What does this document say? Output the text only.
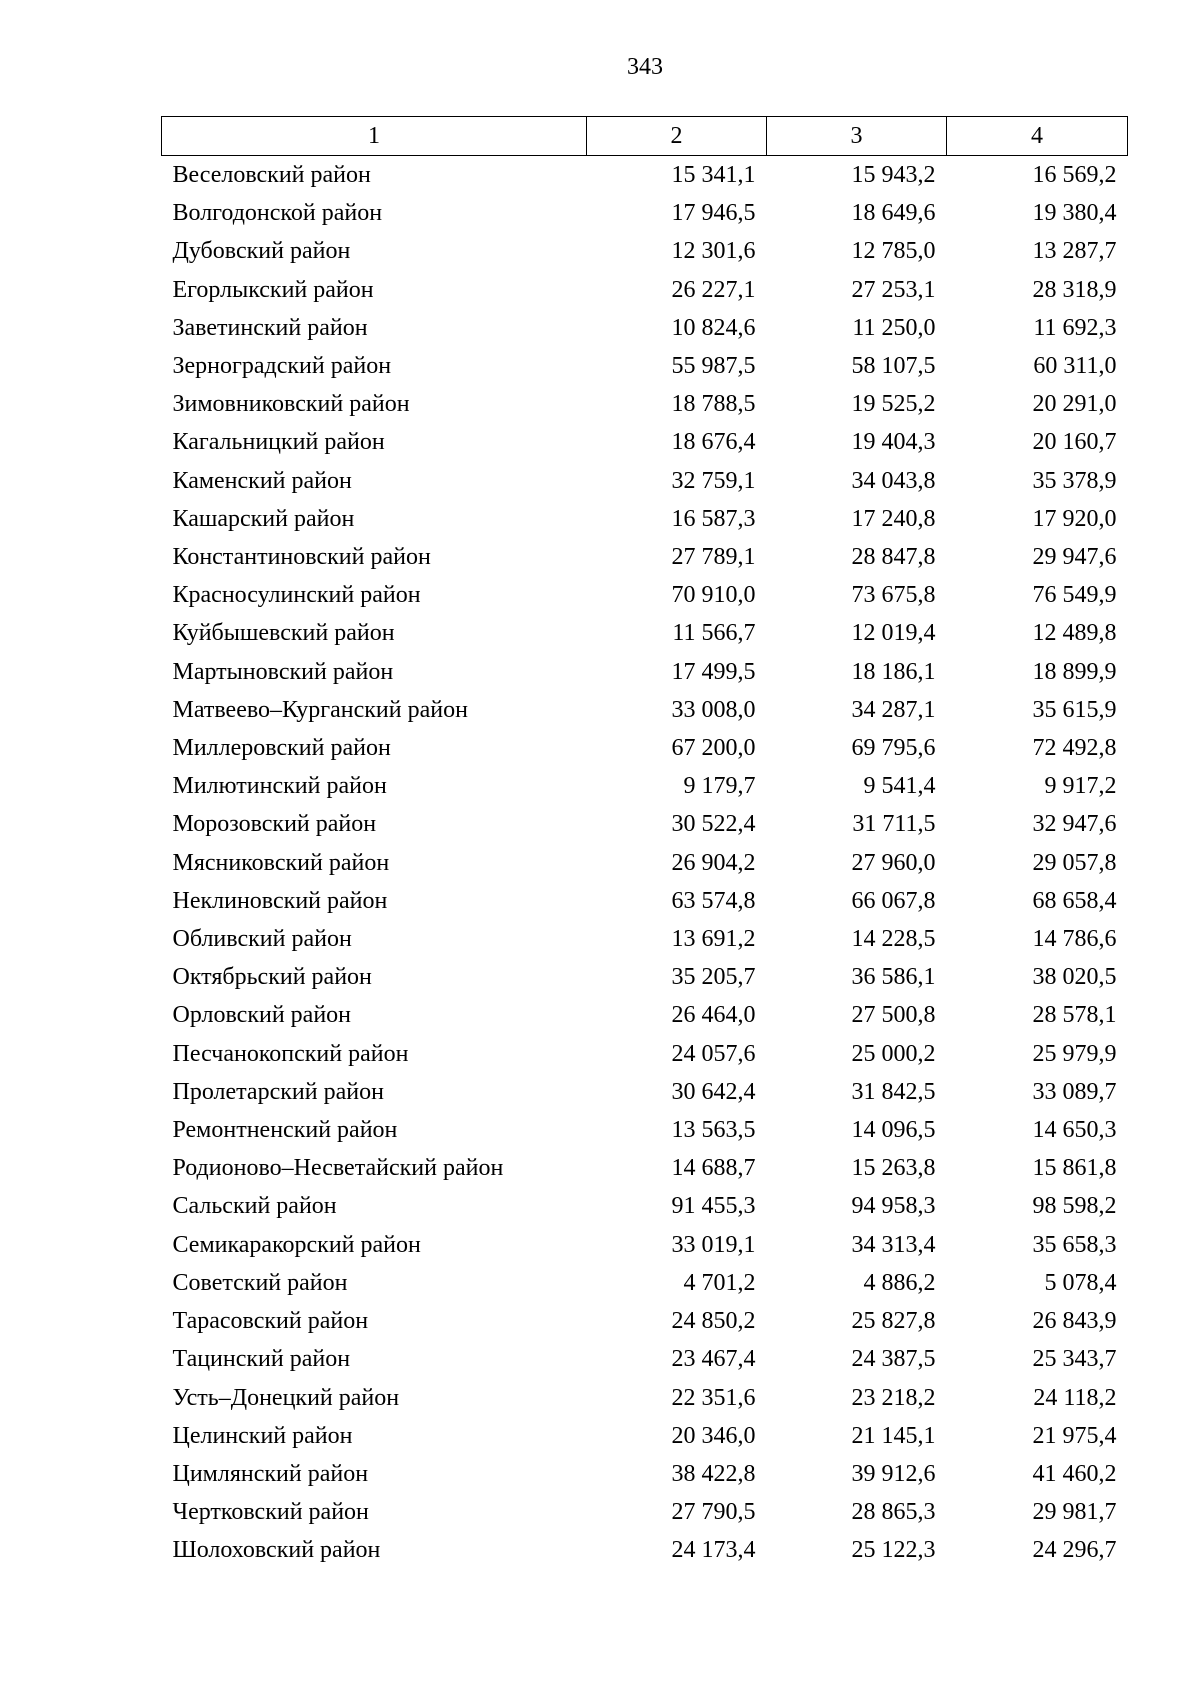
343
1	2	3	4
Веселовский район	15 341,1	15 943,2	16 569,2
Волгодонской район	17 946,5	18 649,6	19 380,4
Дубовский район	12 301,6	12 785,0	13 287,7
Егорлыкский район	26 227,1	27 253,1	28 318,9
Заветинский район	10 824,6	11 250,0	11 692,3
Зерноградский район	55 987,5	58 107,5	60 311,0
Зимовниковский район	18 788,5	19 525,2	20 291,0
Кагальницкий район	18 676,4	19 404,3	20 160,7
Каменский район	32 759,1	34 043,8	35 378,9
Кашарский район	16 587,3	17 240,8	17 920,0
Константиновский район	27 789,1	28 847,8	29 947,6
Красносулинский район	70 910,0	73 675,8	76 549,9
Куйбышевский район	11 566,7	12 019,4	12 489,8
Мартыновский район	17 499,5	18 186,1	18 899,9
Матвеево–Курганский район	33 008,0	34 287,1	35 615,9
Миллеровский район	67 200,0	69 795,6	72 492,8
Милютинский район	9 179,7	9 541,4	9 917,2
Морозовский район	30 522,4	31 711,5	32 947,6
Мясниковский район	26 904,2	27 960,0	29 057,8
Неклиновский район	63 574,8	66 067,8	68 658,4
Обливский район	13 691,2	14 228,5	14 786,6
Октябрьский район	35 205,7	36 586,1	38 020,5
Орловский район	26 464,0	27 500,8	28 578,1
Песчанокопский район	24 057,6	25 000,2	25 979,9
Пролетарский район	30 642,4	31 842,5	33 089,7
Ремонтненский район	13 563,5	14 096,5	14 650,3
Родионово–Несветайский район	14 688,7	15 263,8	15 861,8
Сальский район	91 455,3	94 958,3	98 598,2
Семикаракорский район	33 019,1	34 313,4	35 658,3
Советский район	4 701,2	4 886,2	5 078,4
Тарасовский район	24 850,2	25 827,8	26 843,9
Тацинский район	23 467,4	24 387,5	25 343,7
Усть–Донецкий район	22 351,6	23 218,2	24 118,2
Целинский район	20 346,0	21 145,1	21 975,4
Цимлянский район	38 422,8	39 912,6	41 460,2
Чертковский район	27 790,5	28 865,3	29 981,7
Шолоховский район	24 173,4	25 122,3	24 296,7
